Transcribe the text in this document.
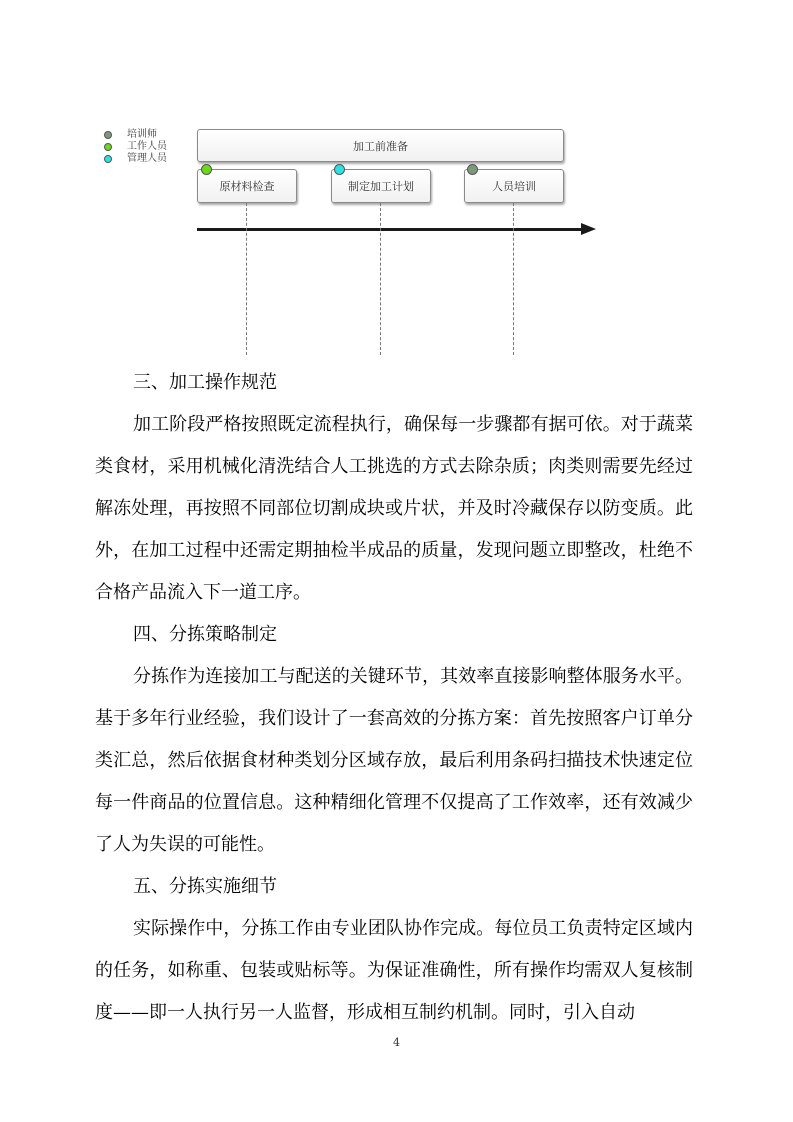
培训师
工作人员
管理人员
加工前准备
原材料检查	制定加工计划	人员培训
三、加工操作规范

加工阶段严格按照既定流程执行，确保每一步骤都有据可依。对于蔬菜类食材，采用机械化清洗结合人工挑选的方式去除杂质；肉类则需要先经过解冻处理，再按照不同部位切割成块或片状，并及时冷藏保存以防变质。此外，在加工过程中还需定期抽检半成品的质量，发现问题立即整改，杜绝不合格产品流入下一道工序。

四、分拣策略制定

分拣作为连接加工与配送的关键环节，其效率直接影响整体服务水平。基于多年行业经验，我们设计了一套高效的分拣方案：首先按照客户订单分类汇总，然后依据食材种类划分区域存放，最后利用条码扫描技术快速定位每一件商品的位置信息。这种精细化管理不仅提高了工作效率，还有效减少了人为失误的可能性。

五、分拣实施细节

实际操作中，分拣工作由专业团队协作完成。每位员工负责特定区域内的任务，如称重、包装或贴标等。为保证准确性，所有操作均需双人复核制度——即一人执行另一人监督，形成相互制约机制。同时，引入自动

4
